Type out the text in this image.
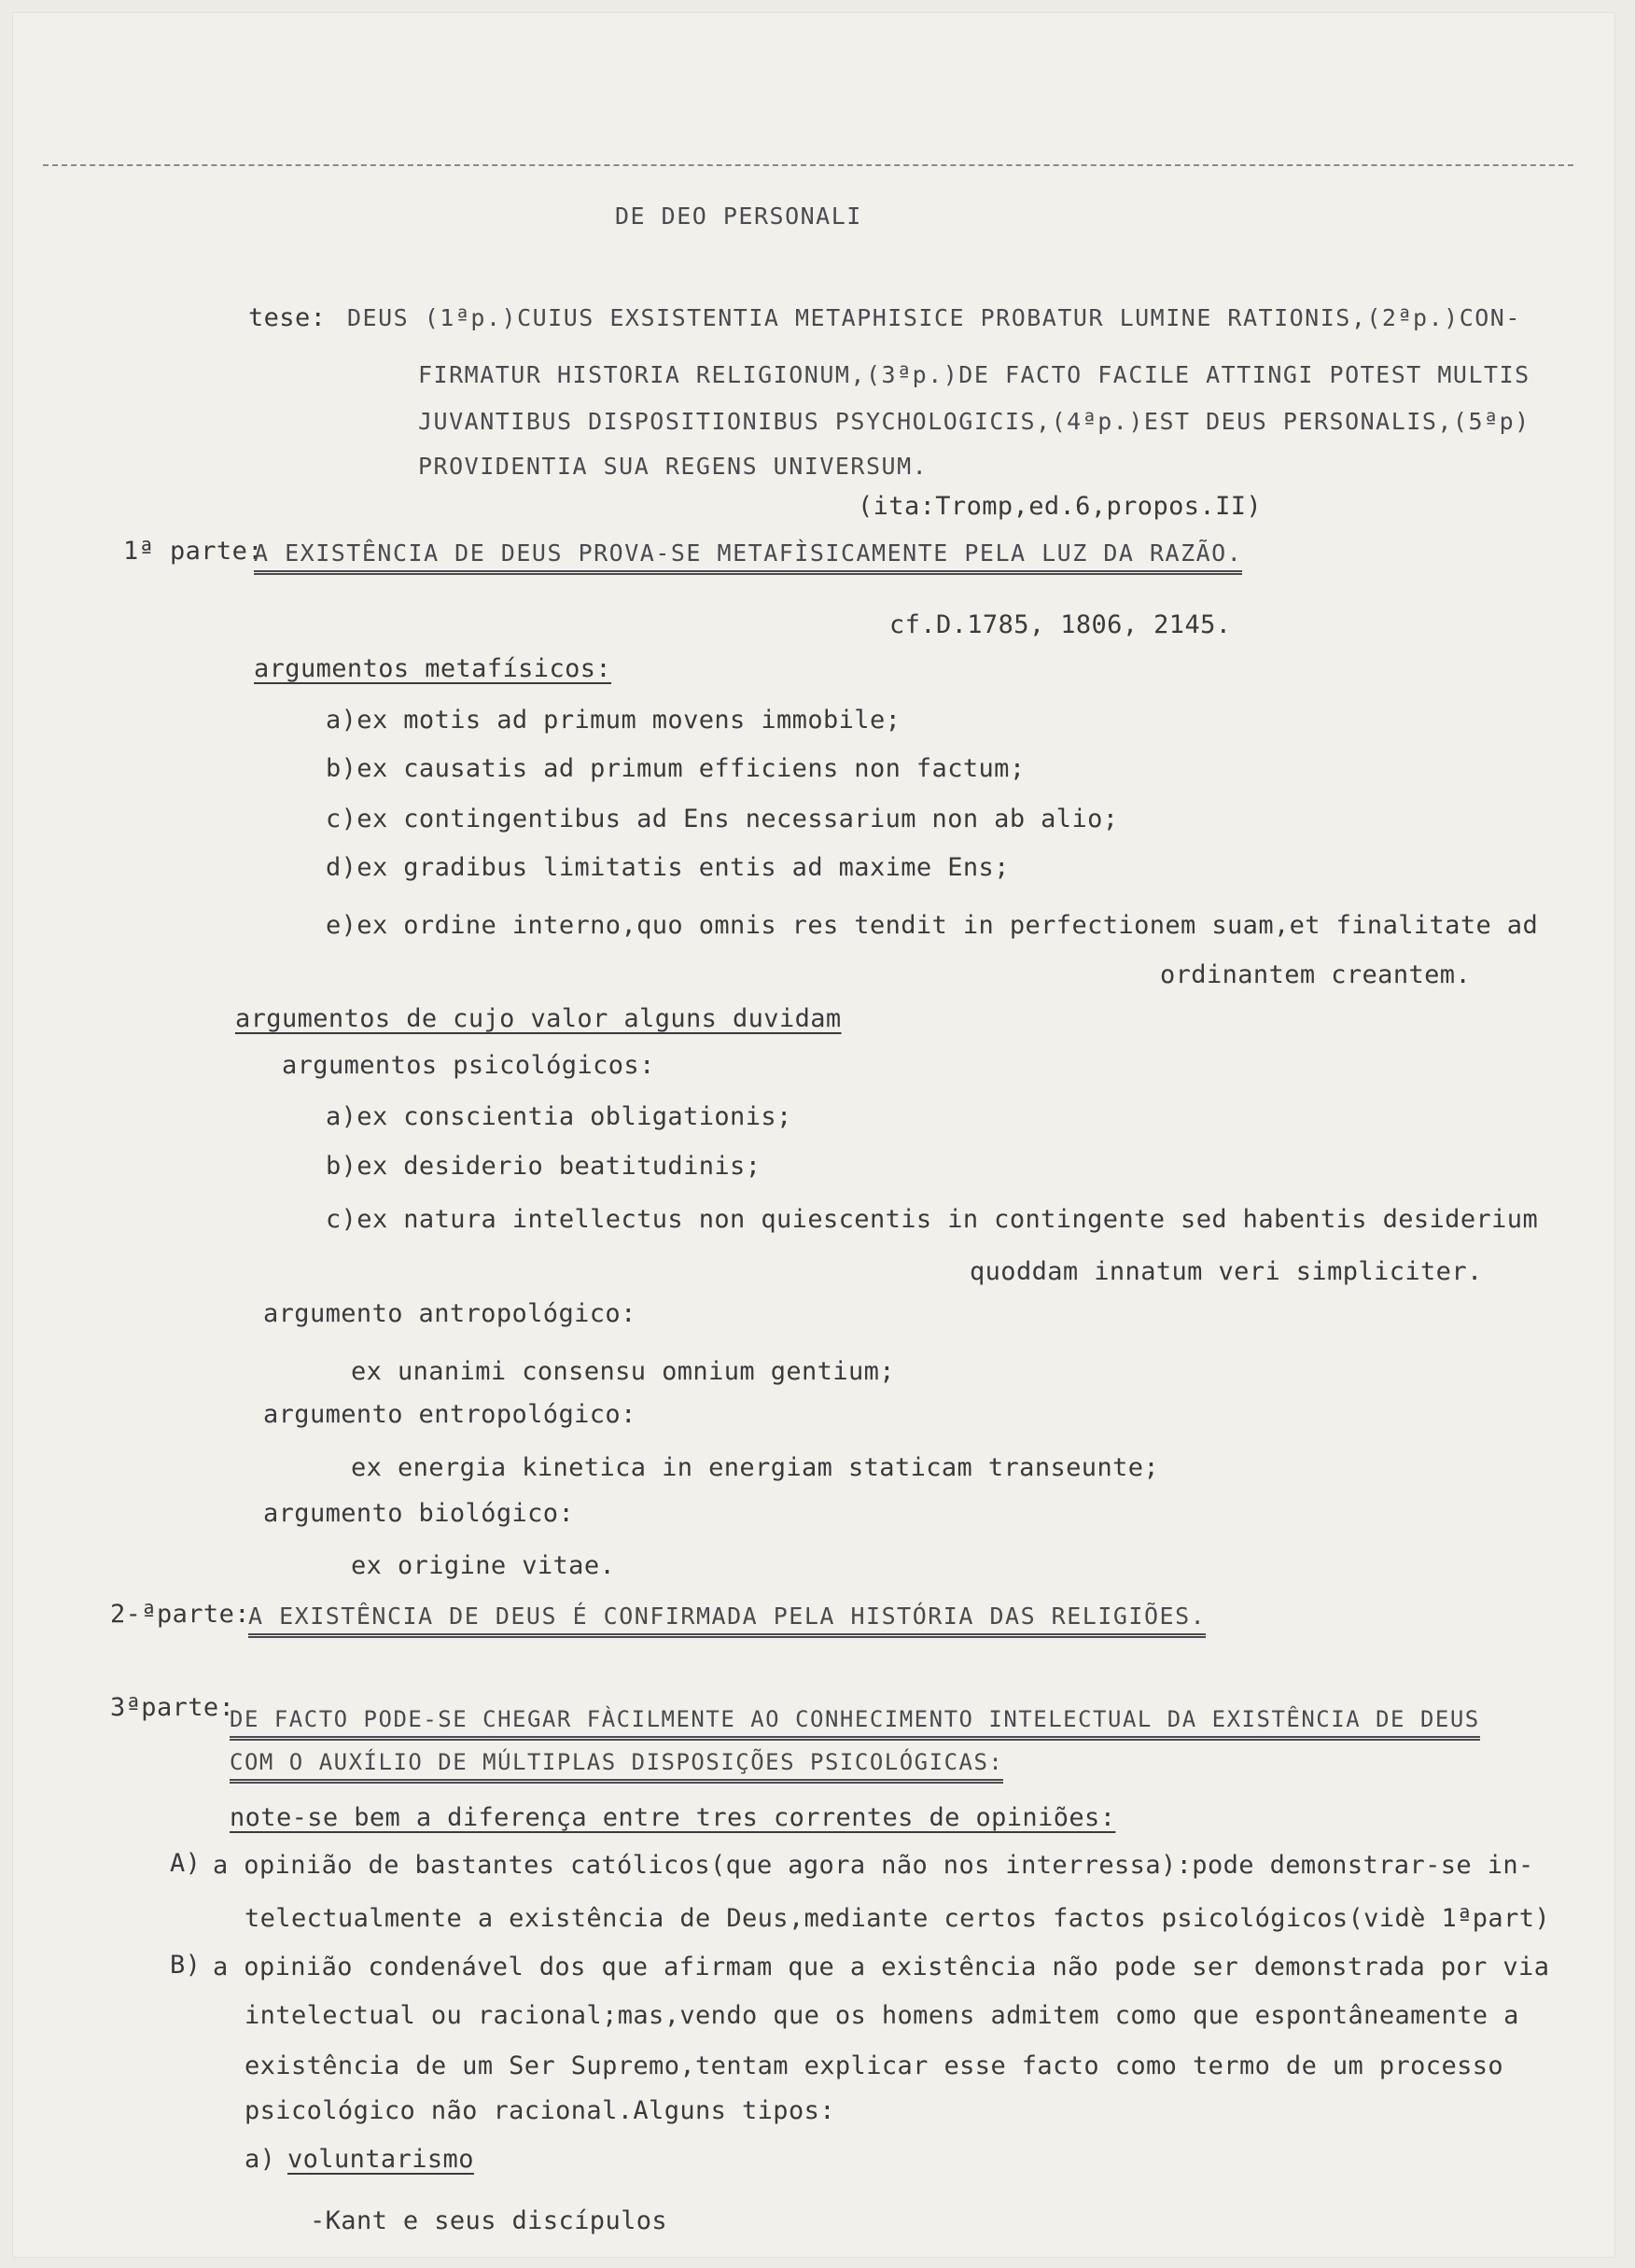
DE DEO PERSONALI
tese: DEUS (1ªp.)CUIUS EXSISTENTIA METAPHISICE PROBATUR LUMINE RATIONIS,(2ªp.)CON-
FIRMATUR HISTORIA RELIGIONUM,(3ªp.)DE FACTO FACILE ATTINGI POTEST MULTIS
JUVANTIBUS DISPOSITIONIBUS PSYCHOLOGICIS,(4ªp.)EST DEUS PERSONALIS,(5ªp)
PROVIDENTIA SUA REGENS UNIVERSUM.
(ita:Tromp,ed.6,propos.II)
1ª parte:
A EXISTÊNCIA DE DEUS PROVA-SE METAFÌSICAMENTE PELA LUZ DA RAZÃO.
cf.D.1785, 1806, 2145.
argumentos metafísicos:
a)ex motis ad primum movens immobile;
b)ex causatis ad primum efficiens non factum;
c)ex contingentibus ad Ens necessarium non ab alio;
d)ex gradibus limitatis entis ad maxime Ens;
e)ex ordine interno,quo omnis res tendit in perfectionem suam,et finalitate ad
ordinantem creantem.
argumentos de cujo valor alguns duvidam
argumentos psicológicos:
a)ex conscientia obligationis;
b)ex desiderio beatitudinis;
c)ex natura intellectus non quiescentis in contingente sed habentis desiderium
quoddam innatum veri simpliciter.
argumento antropológico:
ex unanimi consensu omnium gentium;
argumento entropológico:
ex energia kinetica in energiam staticam transeunte;
argumento biológico:
ex origine vitae.
2-ªparte:
A EXISTÊNCIA DE DEUS É CONFIRMADA PELA HISTÓRIA DAS RELIGIÕES.
3ªparte:
DE FACTO PODE-SE CHEGAR FÀCILMENTE AO CONHECIMENTO INTELECTUAL DA EXISTÊNCIA DE DEUS
COM O AUXÍLIO DE MÚLTIPLAS DISPOSIÇÕES PSICOLÓGICAS:
note-se bem a diferença entre tres correntes de opiniões:
A) a opinião de bastantes católicos(que agora não nos interressa):pode demonstrar-se in-
telectualmente a existência de Deus,mediante certos factos psicológicos(vidè 1ªpart)
B) a opinião condenável dos que afirmam que a existência não pode ser demonstrada por via
intelectual ou racional;mas,vendo que os homens admitem como que espontâneamente a
existência de um Ser Supremo,tentam explicar esse facto como termo de um processo
psicológico não racional.Alguns tipos:
a) voluntarismo
-Kant e seus discípulos
